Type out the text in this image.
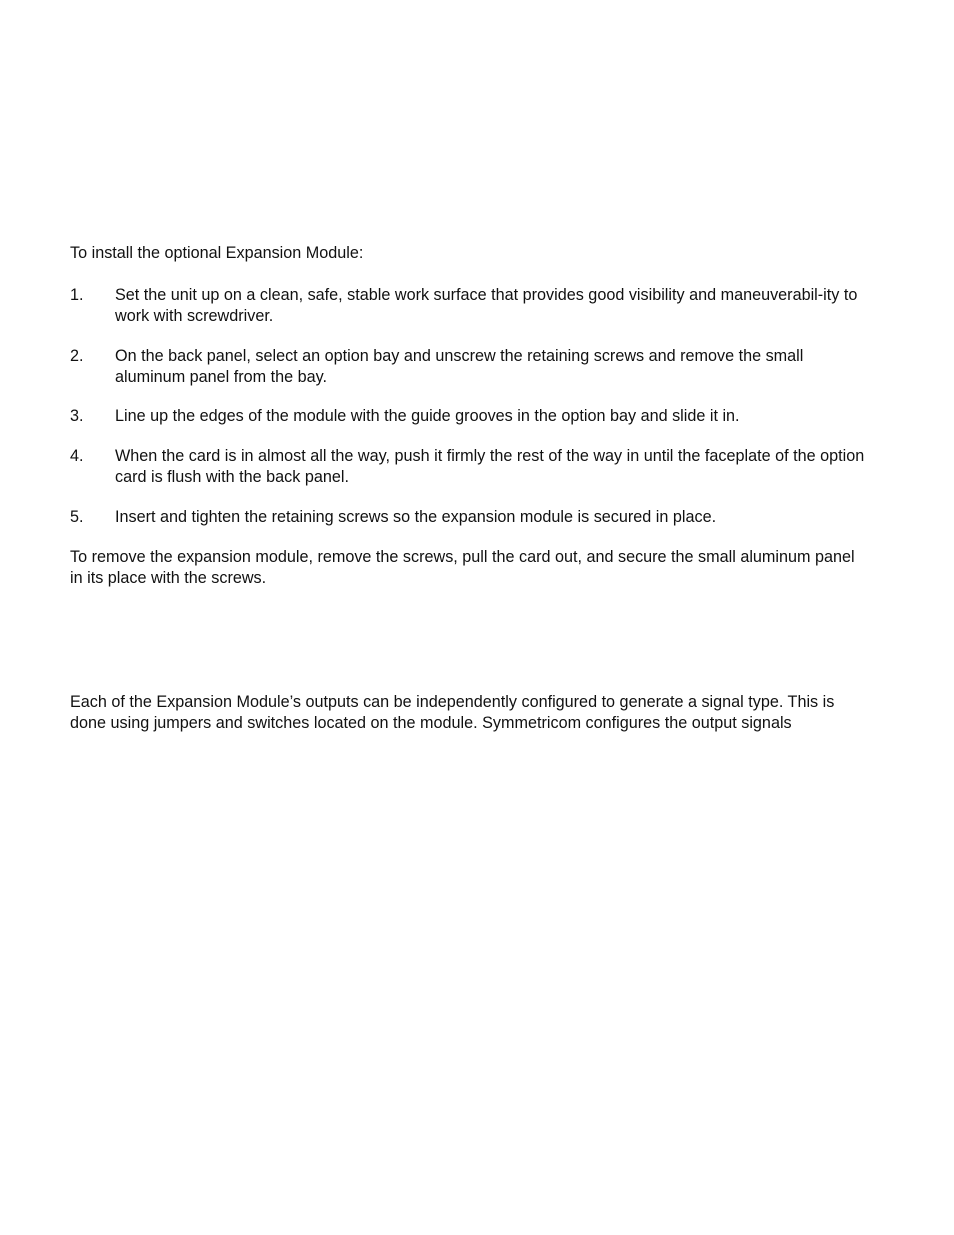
To install the optional Expansion Module:

1. Set the unit up on a clean, safe, stable work surface that provides good visibility and maneuverabil-ity to work with screwdriver.
2. On the back panel, select an option bay and unscrew the retaining screws and remove the small aluminum panel from the bay.
3. Line up the edges of the module with the guide grooves in the option bay and slide it in.
4. When the card is in almost all the way, push it firmly the rest of the way in until the faceplate of the option card is flush with the back panel.
5. Insert and tighten the retaining screws so the expansion module is secured in place.

To remove the expansion module, remove the screws, pull the card out, and secure the small aluminum panel in its place with the screws.

Each of the Expansion Module’s outputs can be independently configured to generate a signal type. This is done using jumpers and switches located on the module. Symmetricom configures the output signals
